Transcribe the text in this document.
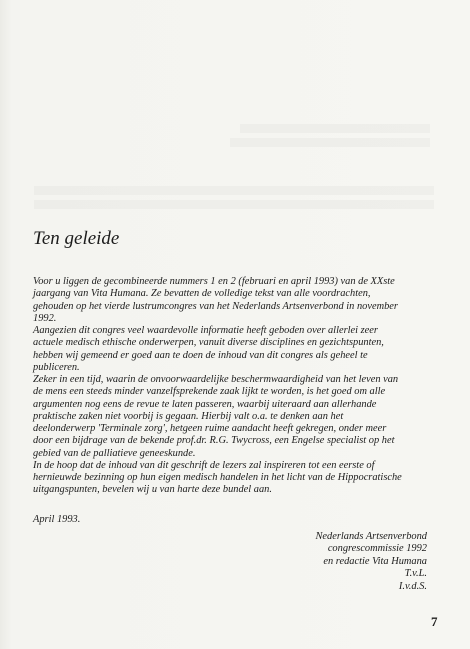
Ten geleide
Voor u liggen de gecombineerde nummers 1 en 2 (februari en april 1993) van de XXste
jaargang van Vita Humana. Ze bevatten de volledige tekst van alle voordrachten,
gehouden op het vierde lustrumcongres van het Nederlands Artsenverbond in november
1992.
Aangezien dit congres veel waardevolle informatie heeft geboden over allerlei zeer
actuele medisch ethische onderwerpen, vanuit diverse disciplines en gezichtspunten,
hebben wij gemeend er goed aan te doen de inhoud van dit congres als geheel te
publiceren.
Zeker in een tijd, waarin de onvoorwaardelijke beschermwaardigheid van het leven van
de mens een steeds minder vanzelfsprekende zaak lijkt te worden, is het goed om alle
argumenten nog eens de revue te laten passeren, waarbij uiteraard aan allerhande
praktische zaken niet voorbij is gegaan. Hierbij valt o.a. te denken aan het
deelonderwerp 'Terminale zorg', hetgeen ruime aandacht heeft gekregen, onder meer
door een bijdrage van de bekende prof.dr. R.G. Twycross, een Engelse specialist op het
gebied van de palliatieve geneeskunde.
In de hoop dat de inhoud van dit geschrift de lezers zal inspireren tot een eerste of
hernieuwde bezinning op hun eigen medisch handelen in het licht van de Hippocratische
uitgangspunten, bevelen wij u van harte deze bundel aan.
April 1993.
Nederlands Artsenverbond
congrescommissie 1992
en redactie Vita Humana
T.v.L.
I.v.d.S.
7
